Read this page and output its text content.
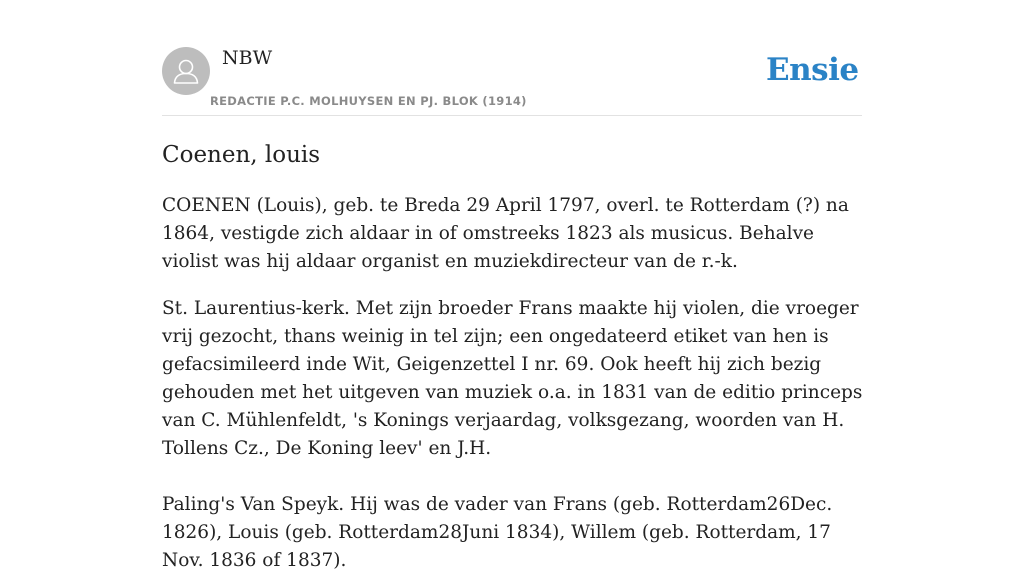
NBW
REDACTIE P.C. MOLHUYSEN EN PJ. BLOK (1914)
Ensie
Coenen, louis

COENEN (Louis), geb. te Breda 29 April 1797, overl. te Rotterdam (?) na 1864, vestigde zich aldaar in of omstreeks 1823 als musicus. Behalve violist was hij aldaar organist en muziekdirecteur van de r.-k.

St. Laurentius-kerk. Met zijn broeder Frans maakte hij violen, die vroeger vrij gezocht, thans weinig in tel zijn; een ongedateerd etiket van hen is gefacsimileerd inde Wit, Geigenzettel I nr. 69. Ook heeft hij zich bezig gehouden met het uitgeven van muziek o.a. in 1831 van de editio princeps van C. Mühlenfeldt, 's Konings verjaardag, volksgezang, woorden van H. Tollens Cz., De Koning leev' en J.H.

Paling's Van Speyk. Hij was de vader van Frans (geb. Rotterdam26Dec. 1826), Louis (geb. Rotterdam28Juni 1834), Willem (geb. Rotterdam, 17 Nov. 1836 of 1837).
